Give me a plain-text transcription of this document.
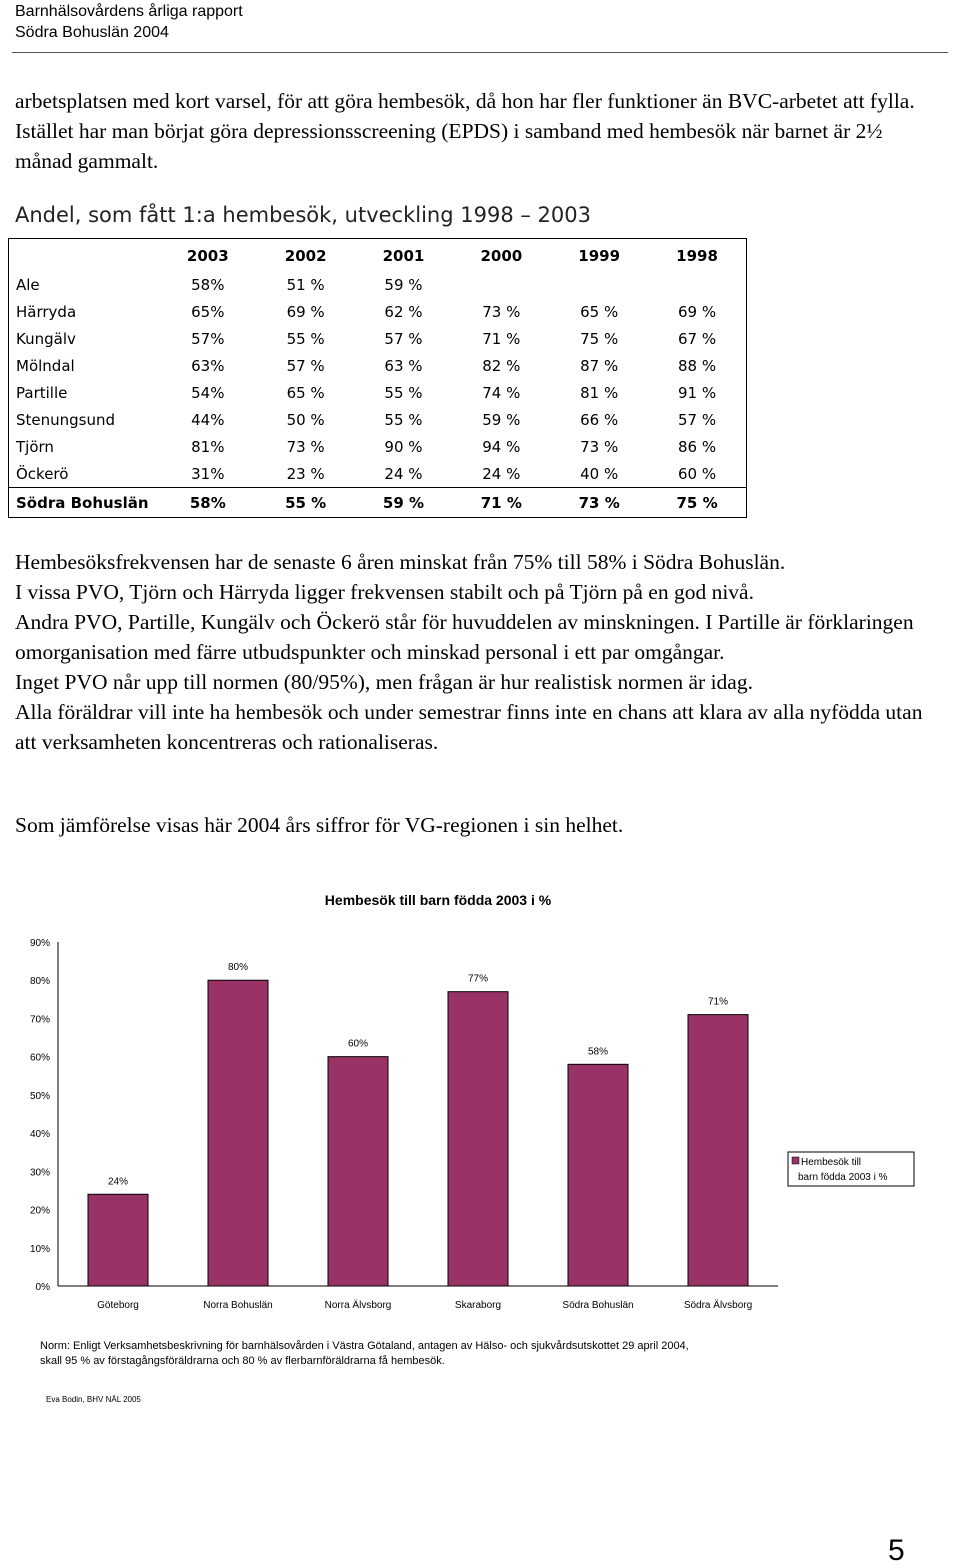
Barnhälsovårdens årliga rapport
Södra Bohuslän 2004

arbetsplatsen med kort varsel, för att göra hembesök, då hon har fler funktioner än BVC-arbetet att fylla. Istället har man börjat göra depressionsscreening (EPDS) i samband med hembesök när barnet är 2½ månad gammalt.

Andel, som fått 1:a hembesök, utveckling 1998 – 2003
	2003	2002	2001	2000	1999	1998
Ale	58%	51 %	59 %			
Härryda	65%	69 %	62 %	73 %	65 %	69 %
Kungälv	57%	55 %	57 %	71 %	75 %	67 %
Mölndal	63%	57 %	63 %	82 %	87 %	88 %
Partille	54%	65 %	55 %	74 %	81 %	91 %
Stenungsund	44%	50 %	55 %	59 %	66 %	57 %
Tjörn	81%	73 %	90 %	94 %	73 %	86 %
Öckerö	31%	23 %	24 %	24 %	40 %	60 %
Södra Bohuslän	58%	55 %	59 %	71 %	73 %	75 %

Hembesöksfrekvensen har de senaste 6 åren minskat från 75% till 58% i Södra Bohuslän.

I vissa PVO, Tjörn och Härryda ligger frekvensen stabilt och på Tjörn på en god nivå.

Andra PVO, Partille, Kungälv och Öckerö står för huvuddelen av minskningen. I Partille är förklaringen omorganisation med färre utbudspunkter och minskad personal i ett par omgångar.

Inget PVO når upp till normen (80/95%), men frågan är hur realistisk normen är idag.

Alla föräldrar vill inte ha hembesök och under semestrar finns inte en chans att klara av alla nyfödda utan att verksamheten koncentreras och rationaliseras.

Som jämförelse visas här 2004 års siffror för VG-regionen i sin helhet.
Hembesök till barn födda 2003 i %
0%
10%
20%
30%
40%
50%
60%
70%
80%
90%
24%
Göteborg
80%
Norra Bohuslän
60%
Norra Älvsborg
77%
Skaraborg
58%
Södra Bohuslän
71%
Södra Älvsborg
Hembesök till
barn födda 2003 i %
Norm: Enligt Verksamhetsbeskrivning för barnhälsovården i Västra Götaland, antagen av Hälso- och sjukvårdsutskottet 29 april 2004,
skall 95 % av förstagångsföräldrarna och 80 % av flerbarnföräldrarna få hembesök.
Eva Bodin, BHV NÄL 2005
5
